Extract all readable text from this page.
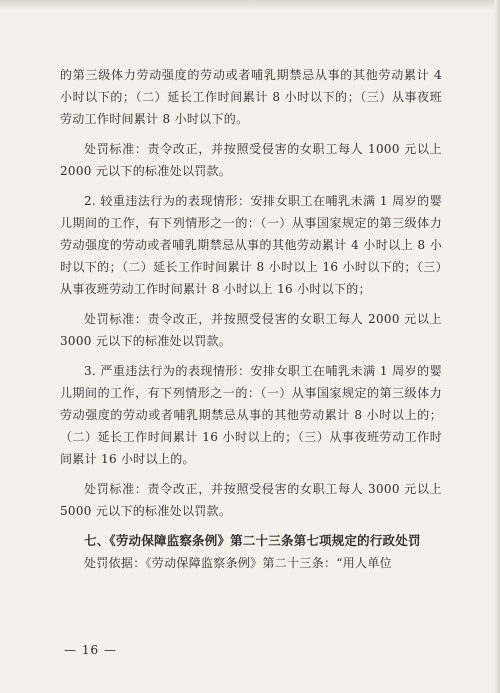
的第三级体力劳动强度的劳动或者哺乳期禁忌从事的其他劳动累计 4 小时以下的；（二）延长工作时间累计 8 小时以下的；（三）从事夜班劳动工作时间累计 8 小时以下的。

处罚标准：责令改正，并按照受侵害的女职工每人 1000 元以上 2000 元以下的标准处以罚款。

2. 较重违法行为的表现情形：安排女职工在哺乳未满 1 周岁的婴儿期间的工作，有下列情形之一的：（一）从事国家规定的第三级体力劳动强度的劳动或者哺乳期禁忌从事的其他劳动累计 4 小时以上 8 小时以下的；（二）延长工作时间累计 8 小时以上 16 小时以下的；（三）从事夜班劳动工作时间累计 8 小时以上 16 小时以下的；

处罚标准：责令改正，并按照受侵害的女职工每人 2000 元以上 3000 元以下的标准处以罚款。

3. 严重违法行为的表现情形：安排女职工在哺乳未满 1 周岁的婴儿期间的工作，有下列情形之一的：（一）从事国家规定的第三级体力劳动强度的劳动或者哺乳期禁忌从事的其他劳动累计 8 小时以上的；（二）延长工作时间累计 16 小时以上的；（三）从事夜班劳动工作时间累计 16 小时以上的。

处罚标准：责令改正，并按照受侵害的女职工每人 3000 元以上 5000 元以下的标准处以罚款。

七、《劳动保障监察条例》第二十三条第七项规定的行政处罚

处罚依据：《劳动保障监察条例》第二十三条：“用人单位

— 16 —
